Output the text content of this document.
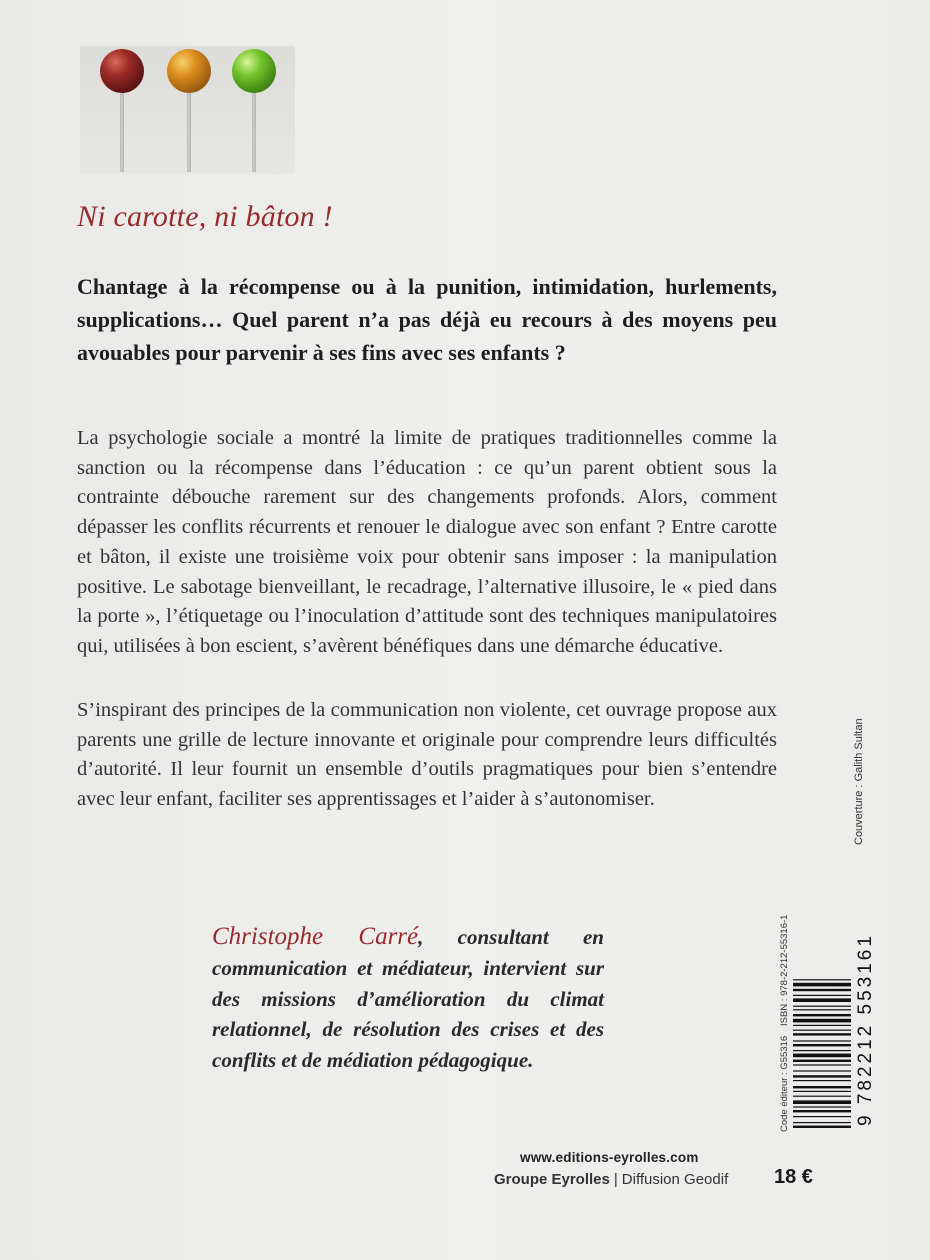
Ni carotte, ni bâton !

Chantage à la récompense ou à la punition, intimidation, hurlements, supplications… Quel parent n’a pas déjà eu recours à des moyens peu avouables pour parvenir à ses fins avec ses enfants ?

La psychologie sociale a montré la limite de pratiques traditionnelles comme la sanction ou la récompense dans l’éducation : ce qu’un parent obtient sous la contrainte débouche rarement sur des changements profonds. Alors, comment dépasser les conflits récurrents et renouer le dialogue avec son enfant ? Entre carotte et bâton, il existe une troisième voix pour obtenir sans imposer : la manipulation positive. Le sabotage bienveillant, le recadrage, l’alternative illusoire, le « pied dans la porte », l’étiquetage ou l’inoculation d’attitude sont des techniques manipulatoires qui, utilisées à bon escient, s’avèrent bénéfiques dans une démarche éducative.

S’inspirant des principes de la communication non violente, cet ouvrage propose aux parents une grille de lecture innovante et originale pour comprendre leurs difficultés d’autorité. Il leur fournit un ensemble d’outils pragmatiques pour bien s’entendre avec leur enfant, faciliter ses apprentissages et l’aider à s’autonomiser.	Couverture : Galith Sultan

Christophe Carré, consultant en communication et médiateur, intervient sur des missions d’amélioration du climat relationnel, de résolution des crises et des conflits et de médiation pédagogique.	Code éditeur : G55316
ISBN : 978-2-212-55316-1	9 782212 553161
www.editions-eyrolles.com
Groupe Eyrolles | Diffusion Geodif 18 €
